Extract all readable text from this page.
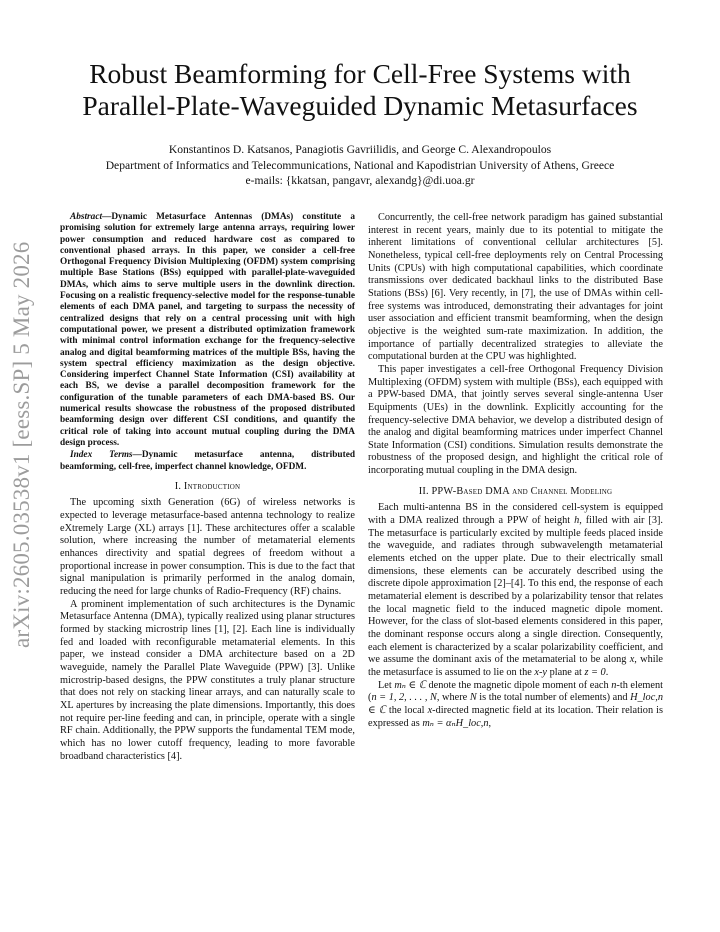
arXiv:2605.03538v1 [eess.SP] 5 May 2026
Robust Beamforming for Cell-Free Systems with
Parallel-Plate-Waveguided Dynamic Metasurfaces
Konstantinos D. Katsanos, Panagiotis Gavriilidis, and George C. Alexandropoulos
Department of Informatics and Telecommunications, National and Kapodistrian University of Athens, Greece
e-mails: {kkatsan, pangavr, alexandg}@di.uoa.gr

Abstract—Dynamic Metasurface Antennas (DMAs) constitute a promising solution for extremely large antenna arrays, requiring lower power consumption and reduced hardware cost as compared to conventional phased arrays. In this paper, we consider a cell-free Orthogonal Frequency Division Multiplexing (OFDM) system comprising multiple Base Stations (BSs) equipped with parallel-plate-waveguided DMAs, which aims to serve multiple users in the downlink direction. Focusing on a realistic frequency-selective model for the response-tunable elements of each DMA panel, and targeting to surpass the necessity of centralized designs that rely on a central processing unit with high computational power, we present a distributed optimization framework with minimal control information exchange for the frequency-selective analog and digital beamforming matrices of the multiple BSs, having the system spectral efficiency maximization as the design objective. Considering imperfect Channel State Information (CSI) availability at each BS, we devise a parallel decomposition framework for the configuration of the tunable parameters of each DMA-based BS. Our numerical results showcase the robustness of the proposed distributed beamforming design over different CSI conditions, and quantify the critical role of taking into account mutual coupling during the DMA design process.

Index Terms—Dynamic metasurface antenna, distributed beamforming, cell-free, imperfect channel knowledge, OFDM.

I. Introduction

The upcoming sixth Generation (6G) of wireless networks is expected to leverage metasurface-based antenna technology to realize eXtremely Large (XL) arrays [1]. These architectures offer a scalable solution, where increasing the number of metamaterial elements enhances directivity and spatial degrees of freedom without a proportional increase in power consumption. This is due to the fact that signal manipulation is primarily performed in the analog domain, reducing the need for large chunks of Radio-Frequency (RF) chains.

A prominent implementation of such architectures is the Dynamic Metasurface Antenna (DMA), typically realized using planar structures formed by stacking microstrip lines [1], [2]. Each line is individually fed and loaded with reconfigurable metamaterial elements. In this paper, we instead consider a DMA architecture based on a 2D waveguide, namely the Parallel Plate Waveguide (PPW) [3]. Unlike microstrip-based designs, the PPW constitutes a truly planar structure that does not rely on stacking linear arrays, and can naturally scale to XL apertures by increasing the plate dimensions. Importantly, this does not require per-line feeding and can, in principle, operate with a single RF chain. Additionally, the PPW supports the fundamental TEM mode, which has no lower cutoff frequency, leading to more favorable broadband characteristics [4].

Concurrently, the cell-free network paradigm has gained substantial interest in recent years, mainly due to its potential to mitigate the inherent limitations of conventional cellular architectures [5]. Nonetheless, typical cell-free deployments rely on Central Processing Units (CPUs) with high computational capabilities, which coordinate transmissions over dedicated backhaul links to the distributed Base Stations (BSs) [6]. Very recently, in [7], the use of DMAs within cell-free systems was introduced, demonstrating their advantages for joint user association and efficient transmit beamforming, when the design objective is the weighted sum-rate maximization. In addition, the importance of partially decentralized strategies to alleviate the computational burden at the CPU was highlighted.

This paper investigates a cell-free Orthogonal Frequency Division Multiplexing (OFDM) system with multiple (BSs), each equipped with a PPW-based DMA, that jointly serves several single-antenna User Equipments (UEs) in the downlink. Explicitly accounting for the frequency-selective DMA behavior, we develop a distributed design of the analog and digital beamforming matrices under imperfect Channel State Information (CSI) conditions. Simulation results demonstrate the robustness of the proposed design, and highlight the critical role of incorporating mutual coupling in the DMA design.

II. PPW-Based DMA and Channel Modeling

Each multi-antenna BS in the considered cell-system is equipped with a DMA realized through a PPW of height h, filled with air [3]. The metasurface is particularly excited by multiple feeds placed inside the waveguide, and radiates through subwavelength metamaterial elements etched on the upper plate. Due to their electrically small dimensions, these elements can be accurately described using the discrete dipole approximation [2]–[4]. To this end, the response of each metamaterial element is described by a polarizability tensor that relates the local magnetic field to the induced magnetic dipole moment. However, for the class of slot-based elements considered in this paper, the dominant response occurs along a single direction. Consequently, each element is characterized by a scalar polarizability coefficient, and we assume the dominant axis of the metamaterial to be along x, while the metasurface is assumed to lie on the x-y plane at z = 0.

Let mₙ ∈ ℂ denote the magnetic dipole moment of each n-th element (n = 1, 2, . . . , N, where N is the total number of elements) and H_loc,n ∈ ℂ the local x-directed magnetic field at its location. Their relation is expressed as mₙ = αₙH_loc,n,
